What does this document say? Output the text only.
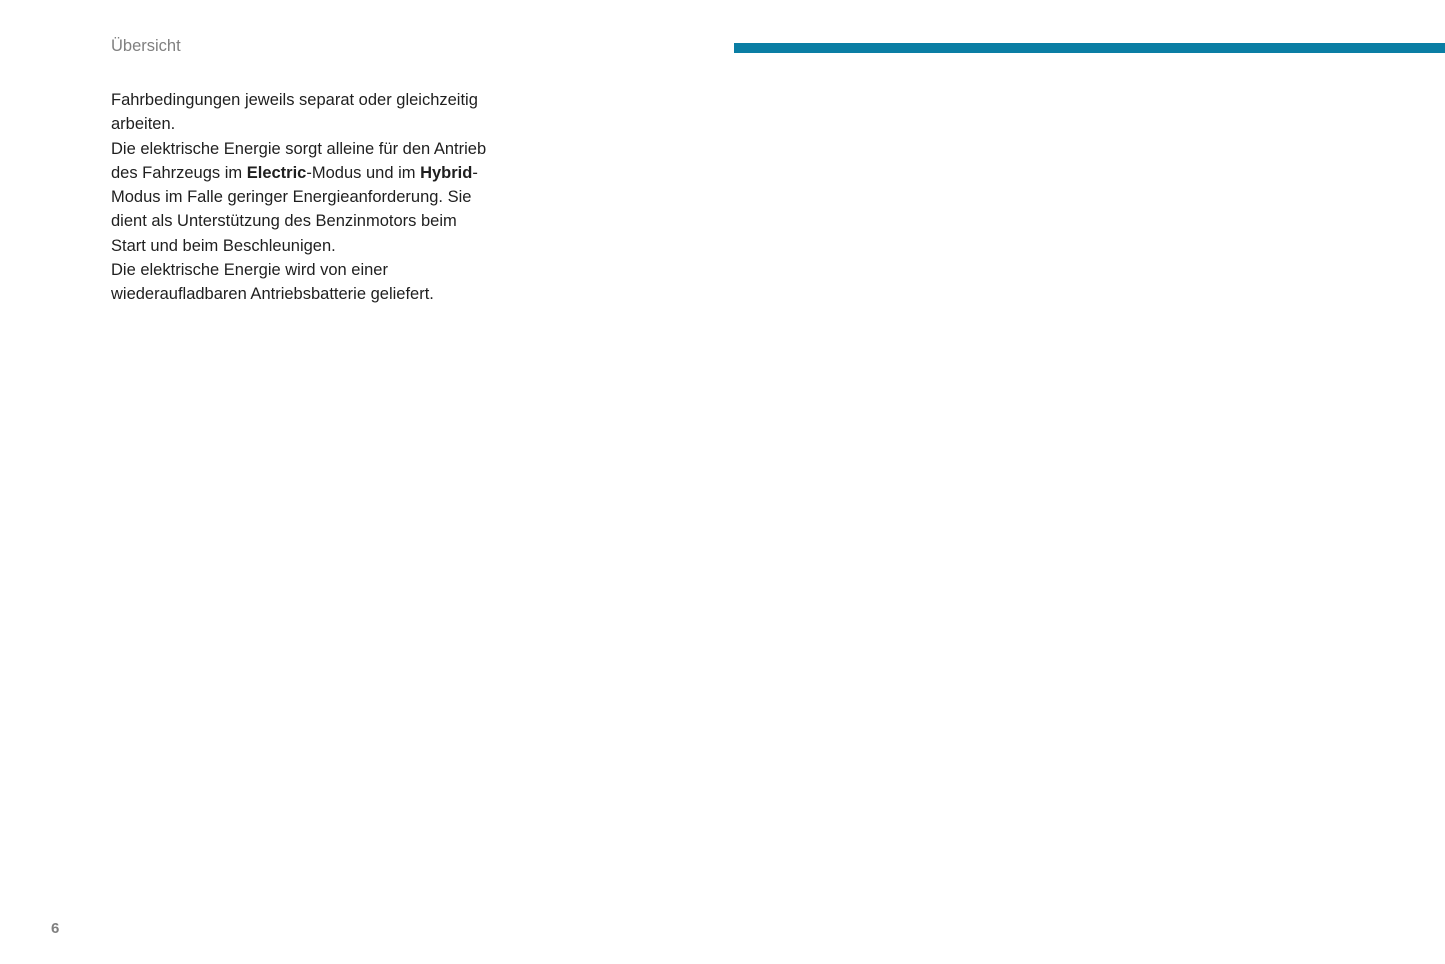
Übersicht
Fahrbedingungen jeweils separat oder gleichzeitig
arbeiten.
Die elektrische Energie sorgt alleine für den Antrieb
des Fahrzeugs im Electric-Modus und im Hybrid-
Modus im Falle geringer Energieanforderung. Sie
dient als Unterstützung des Benzinmotors beim
Start und beim Beschleunigen.
Die elektrische Energie wird von einer
wiederaufladbaren Antriebsbatterie geliefert.
6
